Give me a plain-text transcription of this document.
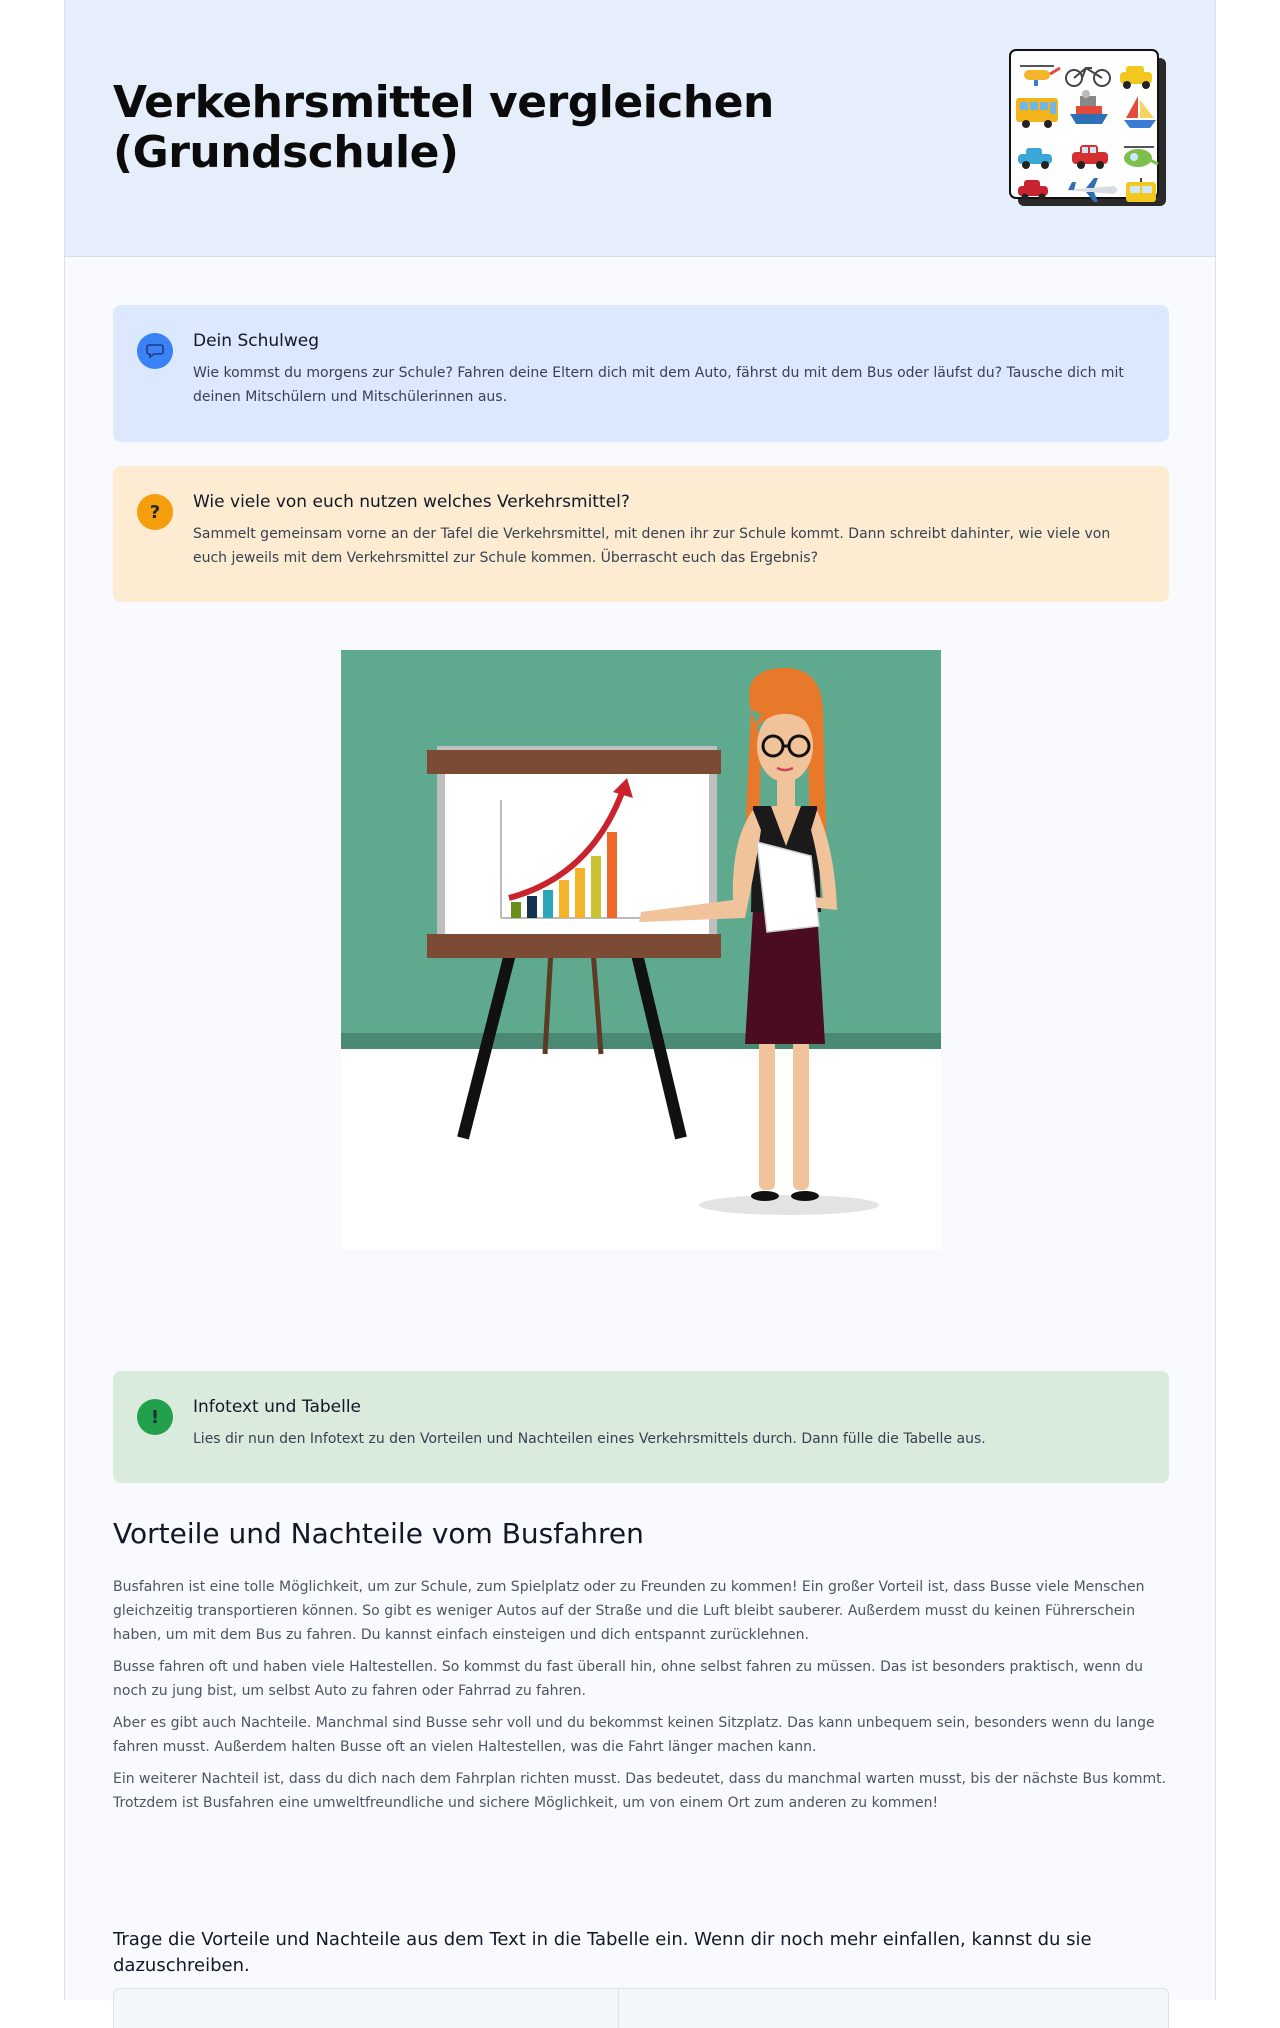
Verkehrsmittel vergleichen (Grundschule)
Dein Schulweg

Wie kommst du morgens zur Schule? Fahren deine Eltern dich mit dem Auto, fährst du mit dem Bus oder läufst du? Tausche dich mit deinen Mitschülern und Mitschülerinnen aus.

?	Wie viele von euch nutzen welches Verkehrsmittel?

Sammelt gemeinsam vorne an der Tafel die Verkehrsmittel, mit denen ihr zur Schule kommt. Dann schreibt dahinter, wie viele von euch jeweils mit dem Verkehrsmittel zur Schule kommen. Überrascht euch das Ergebnis?

!	Infotext und Tabelle

Lies dir nun den Infotext zu den Vorteilen und Nachteilen eines Verkehrsmittels durch. Dann fülle die Tabelle aus.

Vorteile und Nachteile vom Busfahren

Busfahren ist eine tolle Möglichkeit, um zur Schule, zum Spielplatz oder zu Freunden zu kommen! Ein großer Vorteil ist, dass Busse viele Menschen gleichzeitig transportieren können. So gibt es weniger Autos auf der Straße und die Luft bleibt sauberer. Außerdem musst du keinen Führerschein haben, um mit dem Bus zu fahren. Du kannst einfach einsteigen und dich entspannt zurücklehnen.

Busse fahren oft und haben viele Haltestellen. So kommst du fast überall hin, ohne selbst fahren zu müssen. Das ist besonders praktisch, wenn du noch zu jung bist, um selbst Auto zu fahren oder Fahrrad zu fahren.

Aber es gibt auch Nachteile. Manchmal sind Busse sehr voll und du bekommst keinen Sitzplatz. Das kann unbequem sein, besonders wenn du lange fahren musst. Außerdem halten Busse oft an vielen Haltestellen, was die Fahrt länger machen kann.

Ein weiterer Nachteil ist, dass du dich nach dem Fahrplan richten musst. Das bedeutet, dass du manchmal warten musst, bis der nächste Bus kommt. Trotzdem ist Busfahren eine umweltfreundliche und sichere Möglichkeit, um von einem Ort zum anderen zu kommen!

Trage die Vorteile und Nachteile aus dem Text in die Tabelle ein. Wenn dir noch mehr einfallen, kannst du sie dazuschreiben.
